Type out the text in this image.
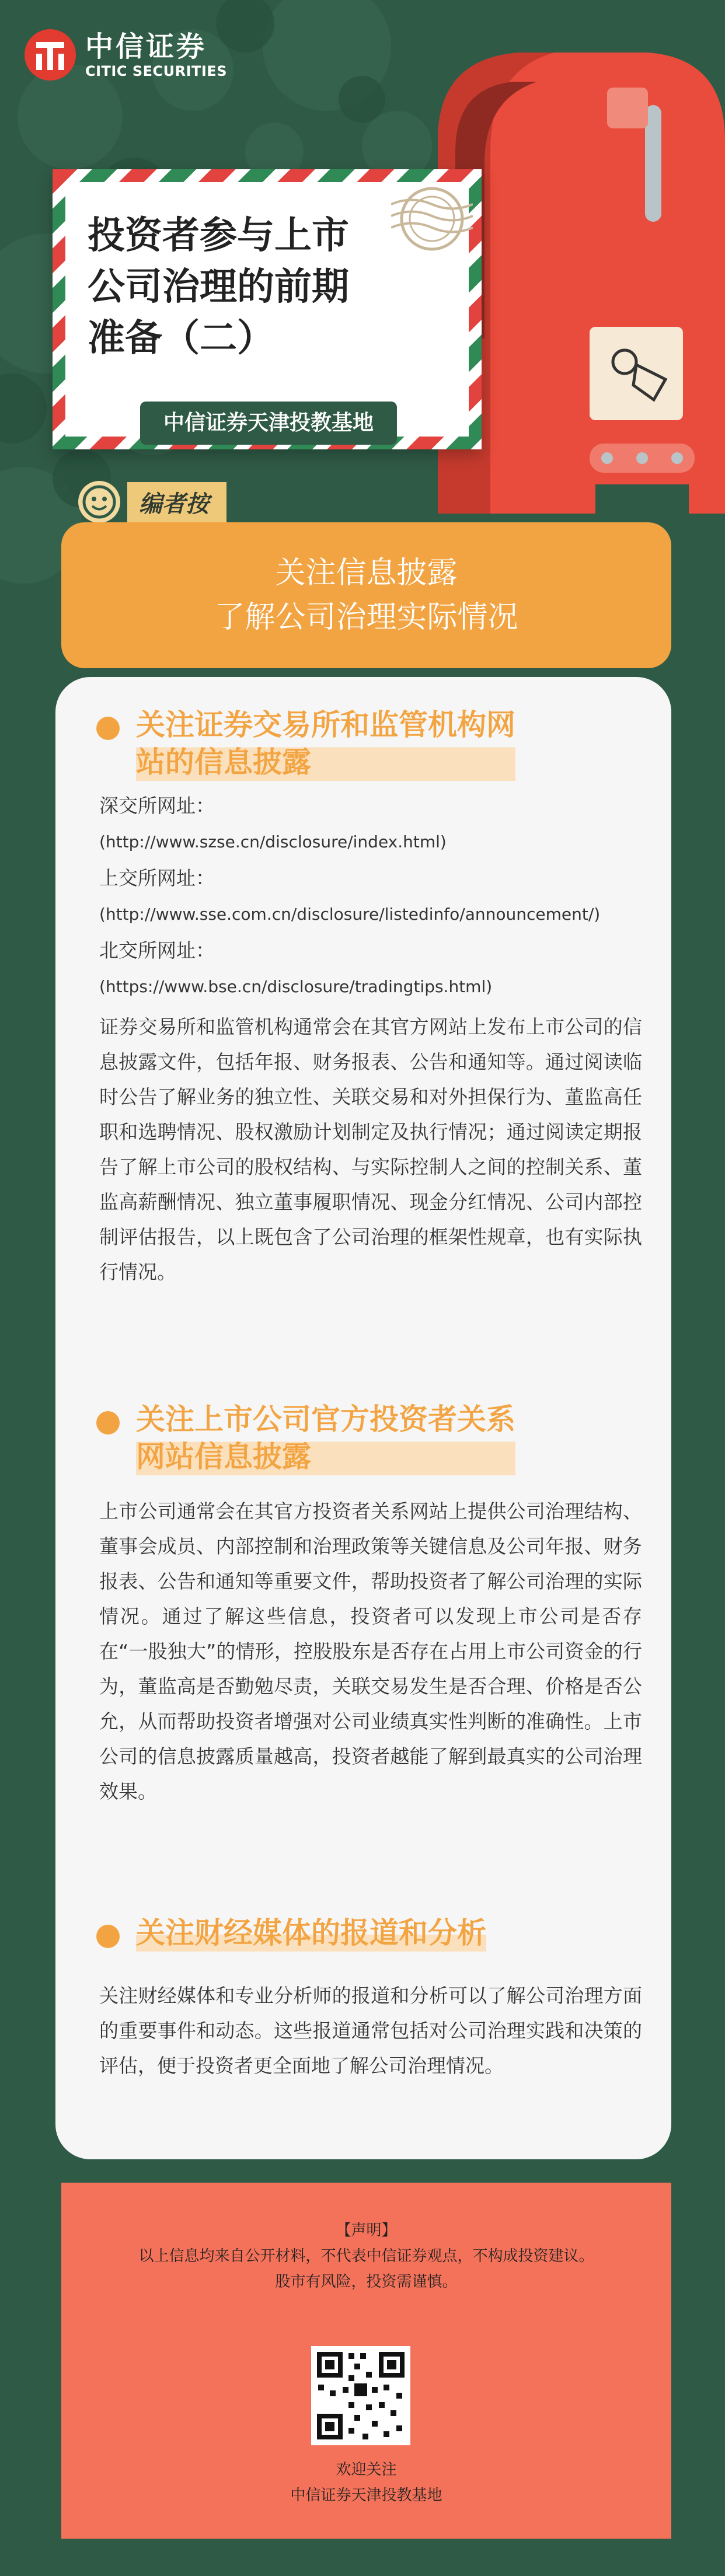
中信证券
CITIC SECURITIES
投资者参与上市
公司治理的前期
准备（二）
中信证券天津投教基地
编者按
关注信息披露
了解公司治理实际情况
关注证券交易所和监管机构网
站的信息披露
深交所网址：
(http://www.szse.cn/disclosure/index.html)
上交所网址：
(http://www.sse.com.cn/disclosure/listedinfo/announcement/)
北交所网址：
(https://www.bse.cn/disclosure/tradingtips.html)
证券交易所和监管机构通常会在其官方网站上发布上市公司的信息披露文件，包括年报、财务报表、公告和通知等。通过阅读临时公告了解业务的独立性、关联交易和对外担保行为、董监高任职和选聘情况、股权激励计划制定及执行情况；通过阅读定期报告了解上市公司的股权结构、与实际控制人之间的控制关系、董监高薪酬情况、独立董事履职情况、现金分红情况、公司内部控制评估报告，以上既包含了公司治理的框架性规章，也有实际执行情况。
关注上市公司官方投资者关系
网站信息披露
上市公司通常会在其官方投资者关系网站上提供公司治理结构、董事会成员、内部控制和治理政策等关键信息及公司年报、财务报表、公告和通知等重要文件，帮助投资者了解公司治理的实际情况。通过了解这些信息，投资者可以发现上市公司是否存在“一股独大”的情形，控股股东是否存在占用上市公司资金的行为，董监高是否勤勉尽责，关联交易发生是否合理、价格是否公允，从而帮助投资者增强对公司业绩真实性判断的准确性。上市公司的信息披露质量越高，投资者越能了解到最真实的公司治理效果。
关注财经媒体的报道和分析
关注财经媒体和专业分析师的报道和分析可以了解公司治理方面的重要事件和动态。这些报道通常包括对公司治理实践和决策的评估，便于投资者更全面地了解公司治理情况。
【声明】
以上信息均来自公开材料，不代表中信证券观点，不构成投资建议。
股市有风险，投资需谨慎。
欢迎关注
中信证券天津投教基地
